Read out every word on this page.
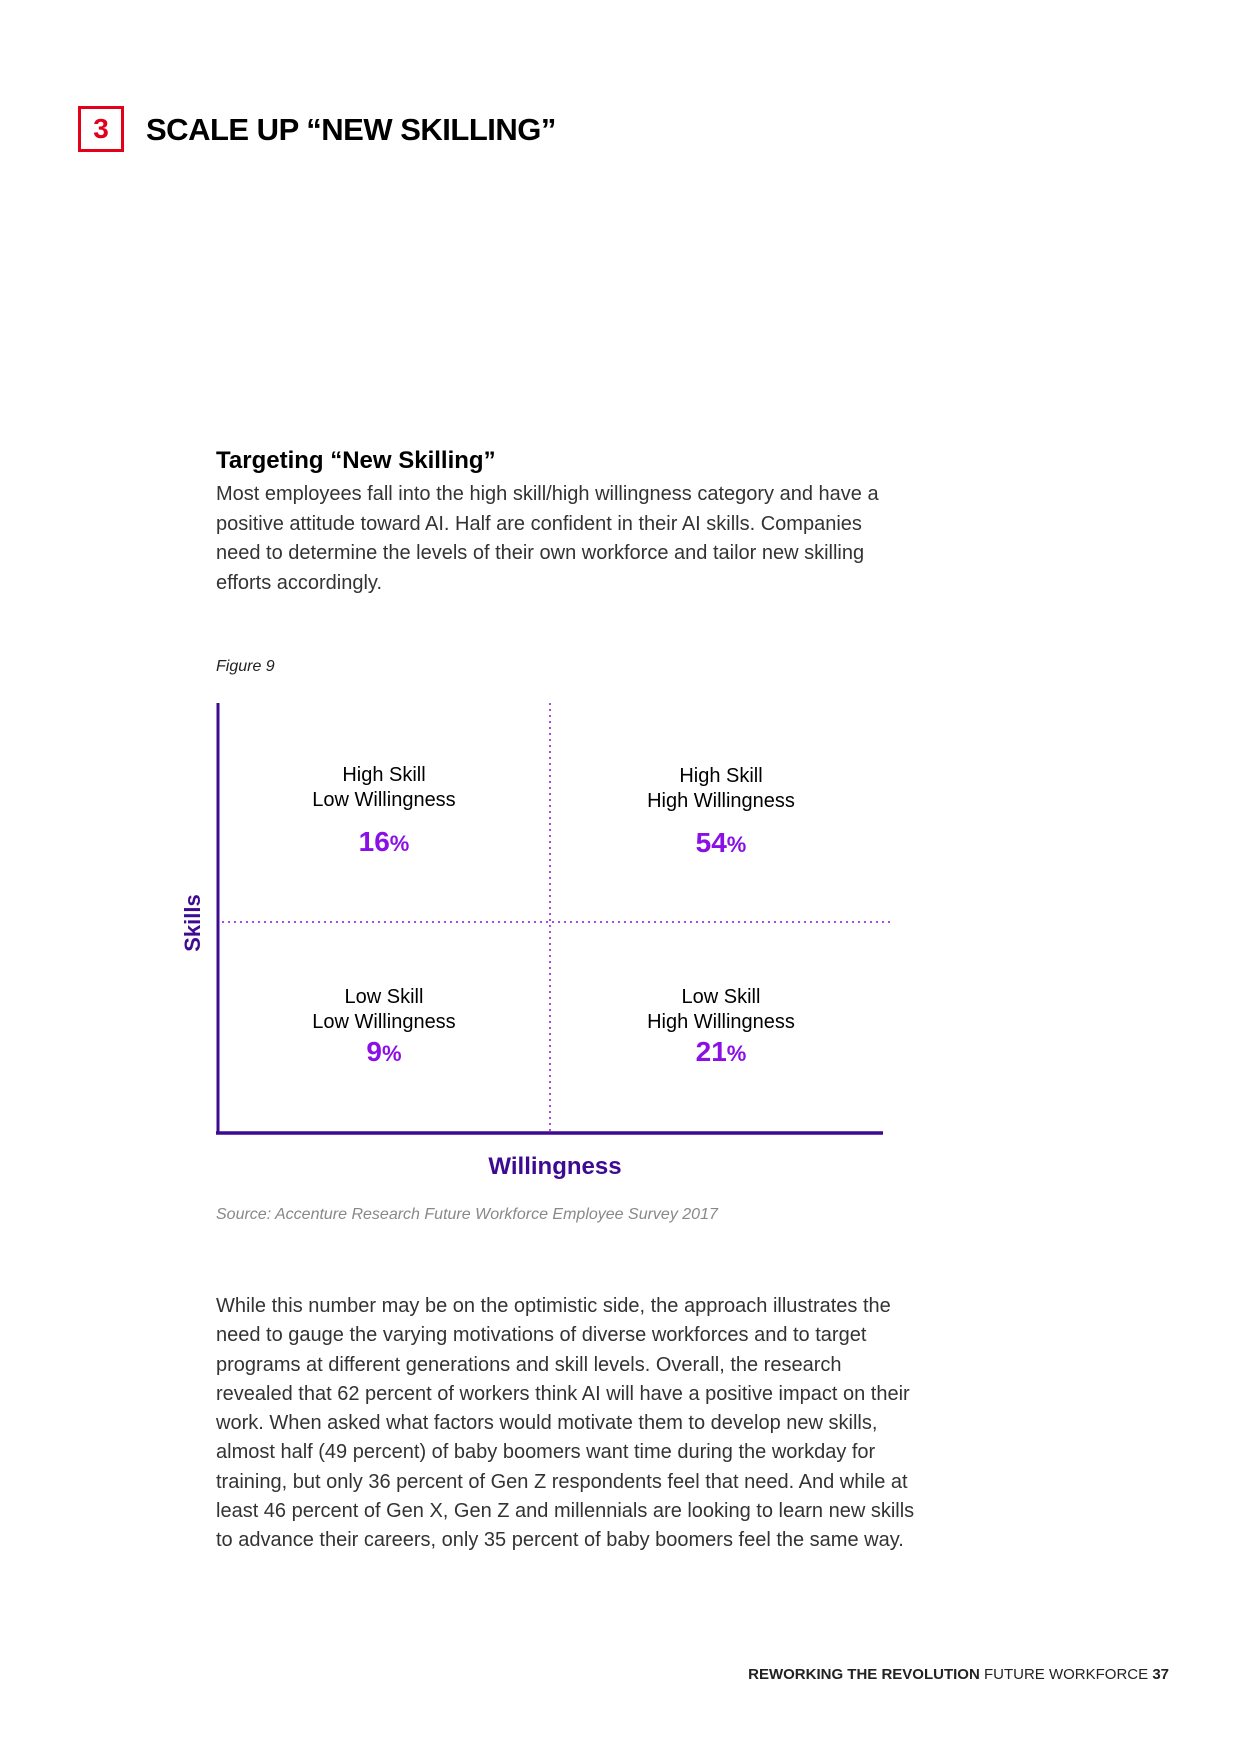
3 SCALE UP “NEW SKILLING”
Targeting “New Skilling”

Most employees fall into the high skill/high willingness category and have a positive attitude toward AI. Half are confident in their AI skills. Companies need to determine the levels of their own workforce and tailor new skilling efforts accordingly.

Figure 9
High Skill
Low Willingness
16%
High Skill
High Willingness
54%
Low Skill
Low Willingness
9%
Low Skill
High Willingness
21%
Skills
Willingness
Source: Accenture Research Future Workforce Employee Survey 2017

While this number may be on the optimistic side, the approach illustrates the need to gauge the varying motivations of diverse workforces and to target programs at different generations and skill levels. Overall, the research revealed that 62 percent of workers think AI will have a positive impact on their work. When asked what factors would motivate them to develop new skills, almost half (49 percent) of baby boomers want time during the workday for training, but only 36 percent of Gen Z respondents feel that need. And while at least 46 percent of Gen X, Gen Z and millennials are looking to learn new skills to advance their careers, only 35 percent of baby boomers feel the same way.

REWORKING THE REVOLUTION FUTURE WORKFORCE 37
